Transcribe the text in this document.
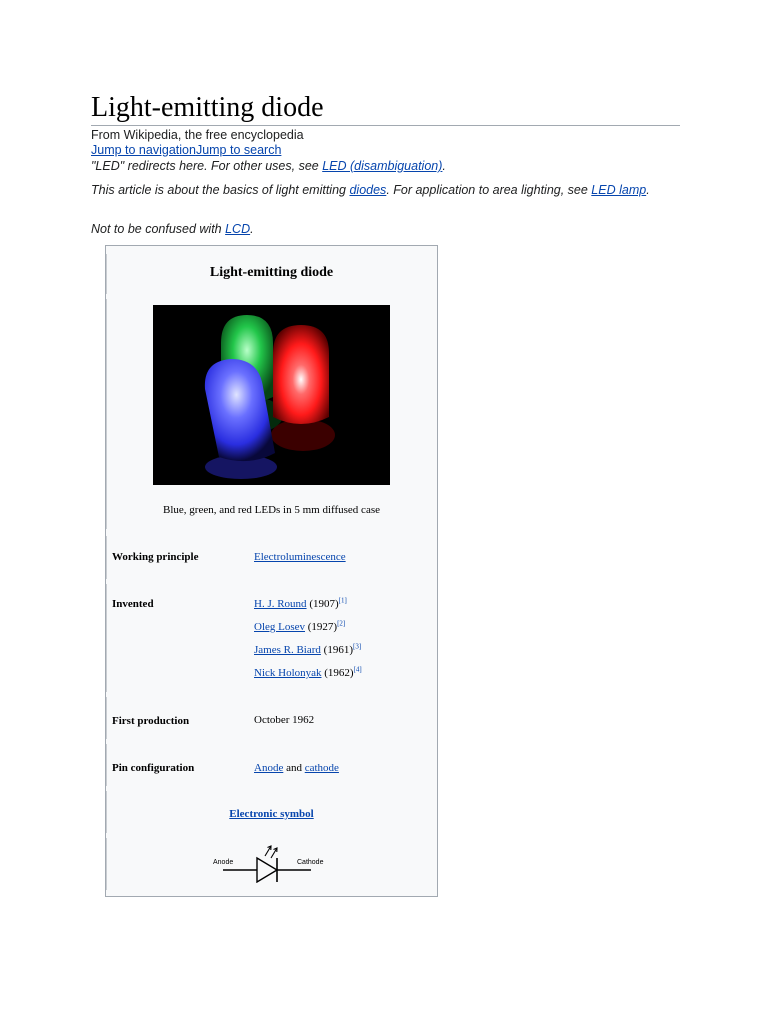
Light-emitting diode
From Wikipedia, the free encyclopedia
Jump to navigationJump to search
"LED" redirects here. For other uses, see LED (disambiguation).
This article is about the basics of light emitting diodes. For application to area lighting, see LED lamp.
Not to be confused with LCD.
Light-emitting diode
Blue, green, and red LEDs in 5 mm diffused case
Working principle	Electroluminescence
Invented	H. J. Round (1907)[1]
Oleg Losev (1927)[2]
James R. Biard (1961)[3]
Nick Holonyak (1962)[4]
First production	October 1962
Pin configuration	Anode and cathode
Electronic symbol
Anode	Cathode
